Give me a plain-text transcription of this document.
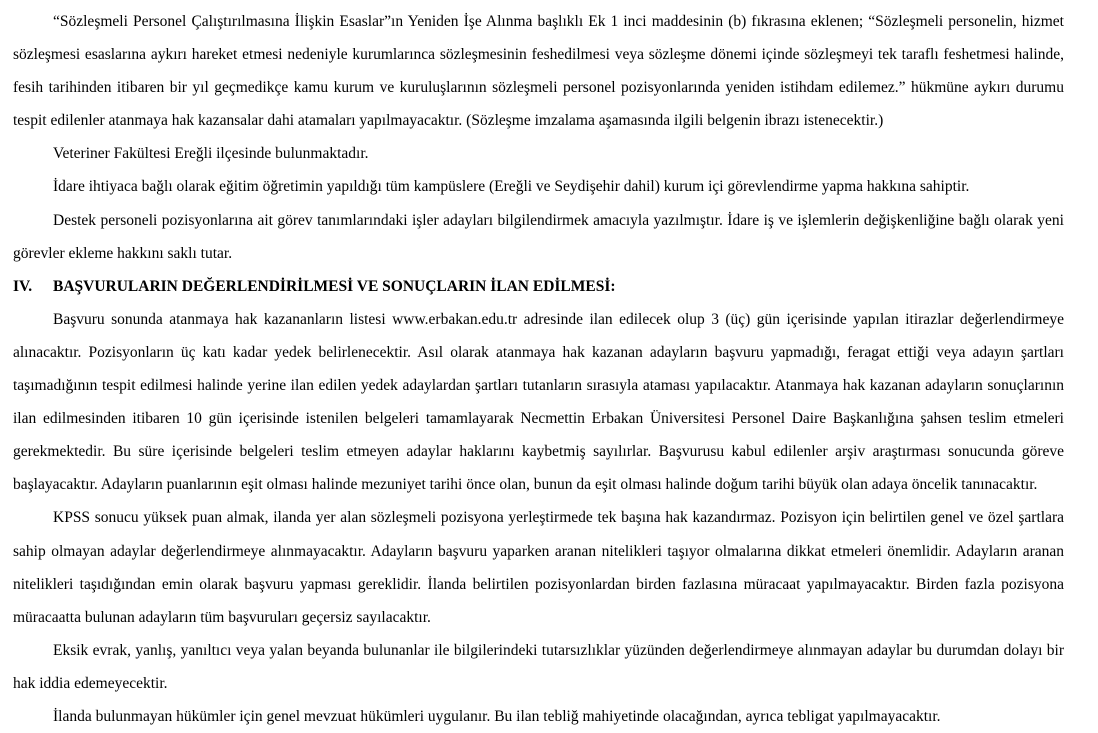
“Sözleşmeli Personel Çalıştırılmasına İlişkin Esaslar”ın Yeniden İşe Alınma başlıklı Ek 1 inci maddesinin (b) fıkrasına eklenen; “Sözleşmeli personelin, hizmet sözleşmesi esaslarına aykırı hareket etmesi nedeniyle kurumlarınca sözleşmesinin feshedilmesi veya sözleşme dönemi içinde sözleşmeyi tek taraflı feshetmesi halinde, fesih tarihinden itibaren bir yıl geçmedikçe kamu kurum ve kuruluşlarının sözleşmeli personel pozisyonlarında yeniden istihdam edilemez.” hükmüne aykırı durumu tespit edilenler atanmaya hak kazansalar dahi atamaları yapılmayacaktır. (Sözleşme imzalama aşamasında ilgili belgenin ibrazı istenecektir.)

Veteriner Fakültesi Ereğli ilçesinde bulunmaktadır.

İdare ihtiyaca bağlı olarak eğitim öğretimin yapıldığı tüm kampüslere (Ereğli ve Seydişehir dahil) kurum içi görevlendirme yapma hakkına sahiptir.

Destek personeli pozisyonlarına ait görev tanımlarındaki işler adayları bilgilendirmek amacıyla yazılmıştır. İdare iş ve işlemlerin değişkenliğine bağlı olarak yeni görevler ekleme hakkını saklı tutar.

IV.	BAŞVURULARIN DEĞERLENDİRİLMESİ VE SONUÇLARIN İLAN EDİLMESİ:

Başvuru sonunda atanmaya hak kazananların listesi www.erbakan.edu.tr adresinde ilan edilecek olup 3 (üç) gün içerisinde yapılan itirazlar değerlendirmeye alınacaktır. Pozisyonların üç katı kadar yedek belirlenecektir. Asıl olarak atanmaya hak kazanan adayların başvuru yapmadığı, feragat ettiği veya adayın şartları taşımadığının tespit edilmesi halinde yerine ilan edilen yedek adaylardan şartları tutanların sırasıyla ataması yapılacaktır. Atanmaya hak kazanan adayların sonuçlarının ilan edilmesinden itibaren 10 gün içerisinde istenilen belgeleri tamamlayarak Necmettin Erbakan Üniversitesi Personel Daire Başkanlığına şahsen teslim etmeleri gerekmektedir. Bu süre içerisinde belgeleri teslim etmeyen adaylar haklarını kaybetmiş sayılırlar. Başvurusu kabul edilenler arşiv araştırması sonucunda göreve başlayacaktır. Adayların puanlarının eşit olması halinde mezuniyet tarihi önce olan, bunun da eşit olması halinde doğum tarihi büyük olan adaya öncelik tanınacaktır.

KPSS sonucu yüksek puan almak, ilanda yer alan sözleşmeli pozisyona yerleştirmede tek başına hak kazandırmaz. Pozisyon için belirtilen genel ve özel şartlara sahip olmayan adaylar değerlendirmeye alınmayacaktır. Adayların başvuru yaparken aranan nitelikleri taşıyor olmalarına dikkat etmeleri önemlidir. Adayların aranan nitelikleri taşıdığından emin olarak başvuru yapması gereklidir. İlanda belirtilen pozisyonlardan birden fazlasına müracaat yapılmayacaktır. Birden fazla pozisyona müracaatta bulunan adayların tüm başvuruları geçersiz sayılacaktır.

Eksik evrak, yanlış, yanıltıcı veya yalan beyanda bulunanlar ile bilgilerindeki tutarsızlıklar yüzünden değerlendirmeye alınmayan adaylar bu durumdan dolayı bir hak iddia edemeyecektir.

İlanda bulunmayan hükümler için genel mevzuat hükümleri uygulanır. Bu ilan tebliğ mahiyetinde olacağından, ayrıca tebligat yapılmayacaktır.
